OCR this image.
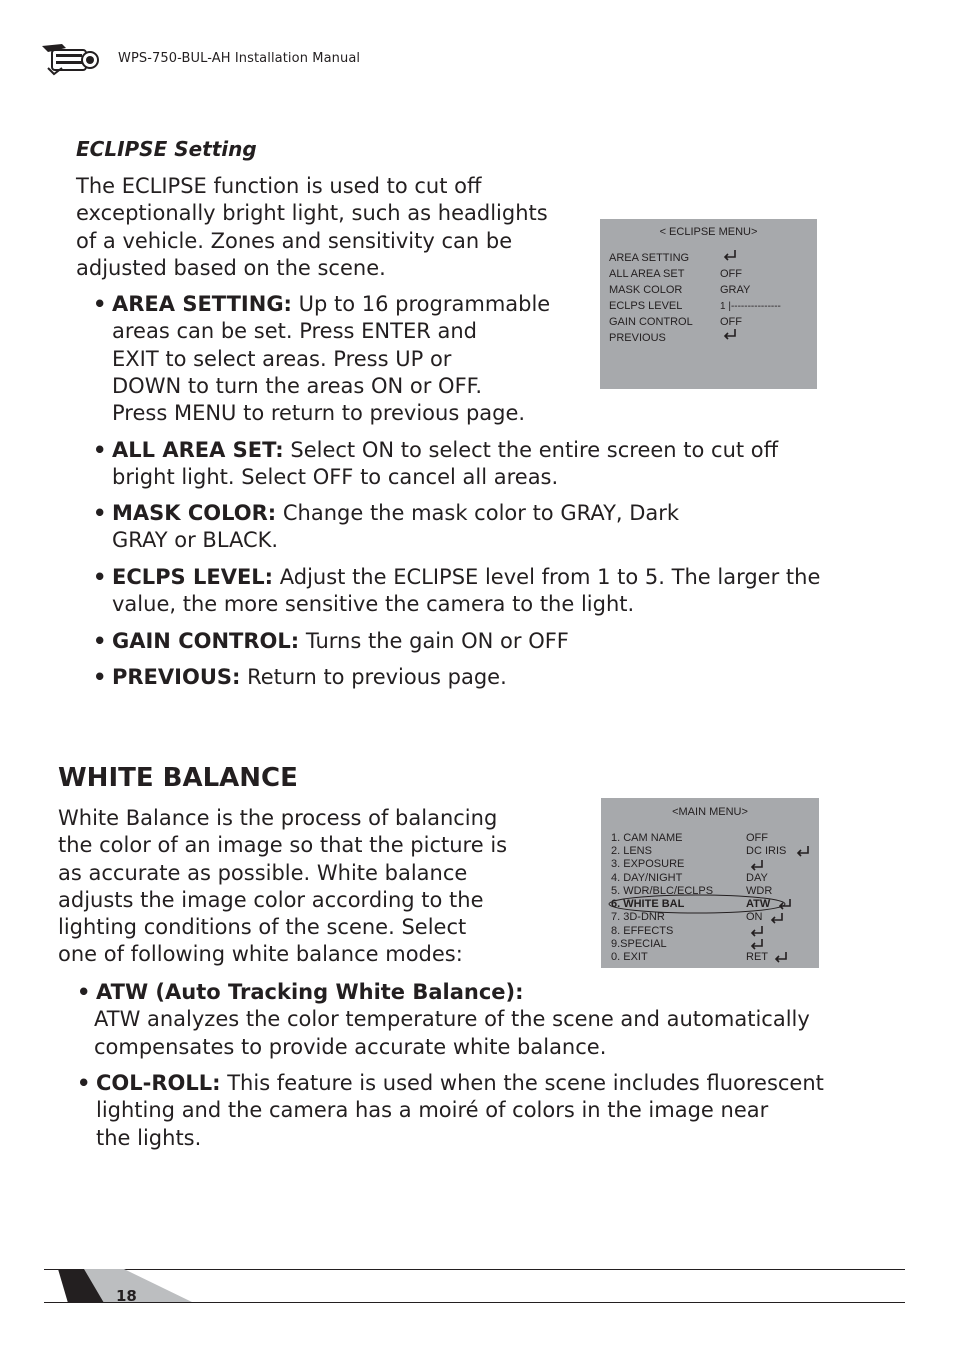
WPS-750-BUL-AH Installation Manual
ECLIPSE Setting
The ECLIPSE function is used to cut off
exceptionally bright light, such as headlights
of a vehicle. Zones and sensitivity can be
adjusted based on the scene.
• AREA SETTING: Up to 16 programmable
areas can be set. Press ENTER and
EXIT to select areas. Press UP or
DOWN to turn the areas ON or OFF.
Press MENU to return to previous page.
• ALL AREA SET: Select ON to select the entire screen to cut off
bright light. Select OFF to cancel all areas.
• MASK COLOR: Change the mask color to GRAY, Dark
GRAY or BLACK.
• ECLPS LEVEL: Adjust the ECLIPSE level from 1 to 5. The larger the
value, the more sensitive the camera to the light.
• GAIN CONTROL: Turns the gain ON or OFF
• PREVIOUS: Return to previous page.
< ECLIPSE MENU>
AREA SETTING
ALL AREA SET	OFF
MASK COLOR	GRAY
ECLPS LEVEL	1 |---------------
GAIN CONTROL OFF
PREVIOUS
WHITE BALANCE
White Balance is the process of balancing
the color of an image so that the picture is
as accurate as possible. White balance
adjusts the image color according to the
lighting conditions of the scene. Select
one of following white balance modes:
• ATW (Auto Tracking White Balance):
ATW analyzes the color temperature of the scene and automatically
compensates to provide accurate white balance.
• COL-ROLL: This feature is used when the scene includes fluorescent
lighting and the camera has a moiré of colors in the image near
the lights.
<MAIN MENU>
1. CAM NAME	OFF
2. LENS	DC IRIS
3. EXPOSURE
4. DAY/NIGHT	DAY
5. WDR/BLC/ECLPS	WDR
6. WHITE BAL	ATW
7. 3D-DNR	ON
8. EFFECTS
9.SPECIAL
0. EXIT	RET
18
